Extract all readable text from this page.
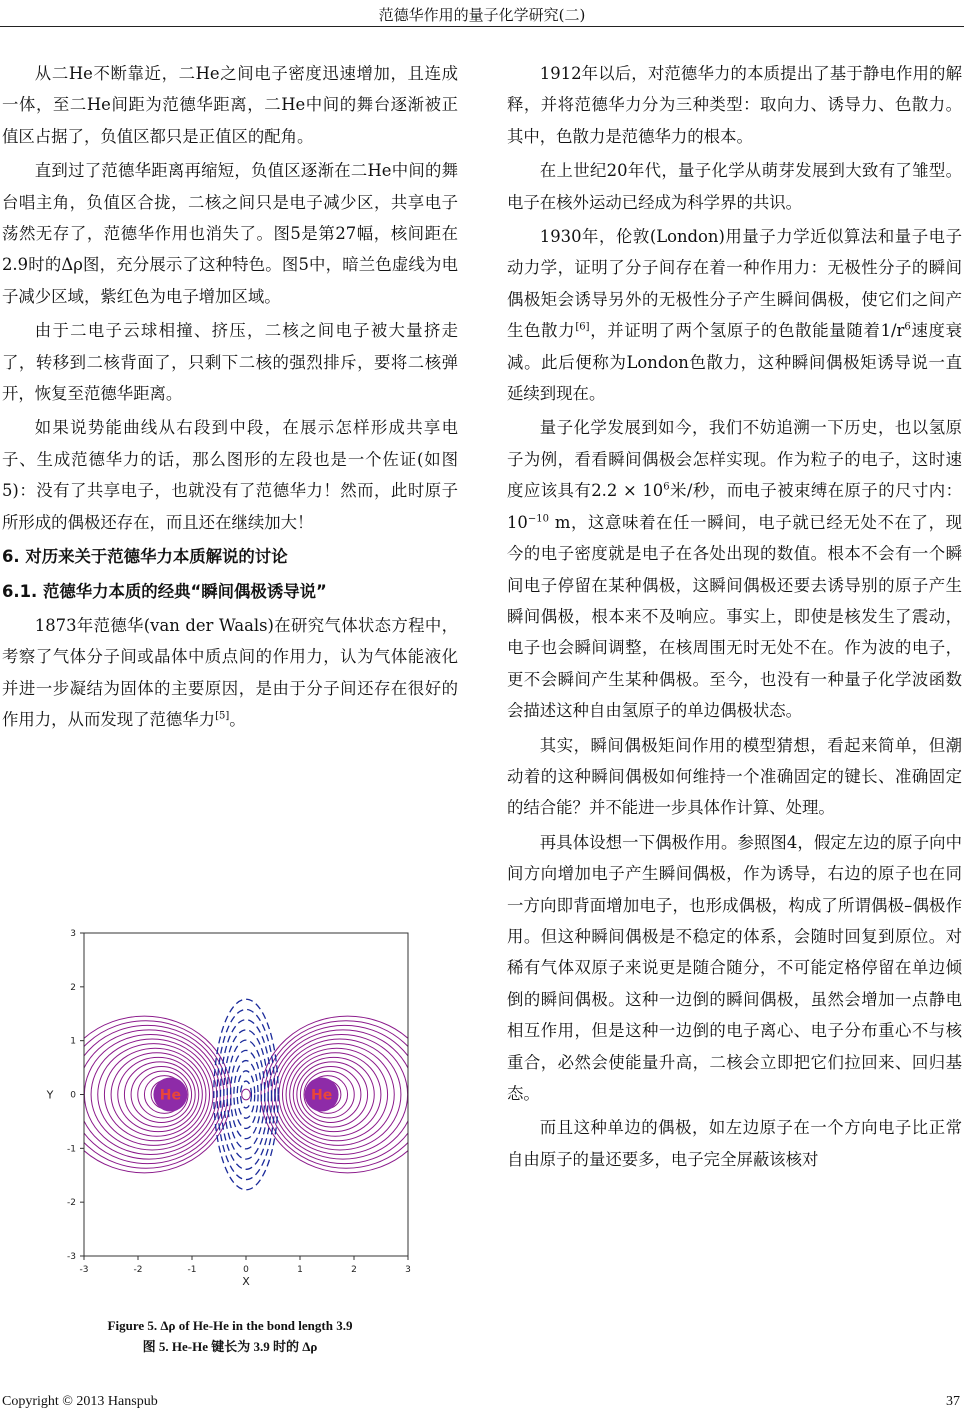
范德华作用的量子化学研究(二)

从二He不断靠近，二He之间电子密度迅速增加，且连成一体，至二He间距为范德华距离，二He中间的舞台逐渐被正值区占据了，负值区都只是正值区的配角。

直到过了范德华距离再缩短，负值区逐渐在二He中间的舞台唱主角，负值区合拢，二核之间只是电子减少区，共享电子荡然无存了，范德华作用也消失了。图5是第27幅，核间距在2.9时的Δρ图，充分展示了这种特色。图5中，暗兰色虚线为电子减少区域，紫红色为电子增加区域。

由于二电子云球相撞、挤压，二核之间电子被大量挤走了，转移到二核背面了，只剩下二核的强烈排斥，要将二核弹开，恢复至范德华距离。

如果说势能曲线从右段到中段，在展示怎样形成共享电子、生成范德华力的话，那么图形的左段也是一个佐证(如图5)：没有了共享电子，也就没有了范德华力！然而，此时原子所形成的偶极还存在，而且还在继续加大！

6. 对历来关于范德华力本质解说的讨论

6.1. 范德华力本质的经典“瞬间偶极诱导说”

1873年范德华(van der Waals)在研究气体状态方程中，考察了气体分子间或晶体中质点间的作用力，认为气体能液化并进一步凝结为固体的主要原因，是由于分子间还存在很好的作用力，从而发现了范德华力[5]。

1912年以后，对范德华力的本质提出了基于静电作用的解释，并将范德华力分为三种类型：取向力、诱导力、色散力。其中，色散力是范德华力的根本。

在上世纪20年代，量子化学从萌芽发展到大致有了雏型。电子在核外运动已经成为科学界的共识。

1930年，伦敦(London)用量子力学近似算法和量子电子动力学，证明了分子间存在着一种作用力：无极性分子的瞬间偶极矩会诱导另外的无极性分子产生瞬间偶极，使它们之间产生色散力[6]，并证明了两个氢原子的色散能量随着$1/r^6$速度衰减。此后便称为London色散力，这种瞬间偶极矩诱导说一直延续到现在。

量子化学发展到如今，我们不妨追溯一下历史，也以氢原子为例，看看瞬间偶极会怎样实现。作为粒子的电子，这时速度应该具有$2.2 \times 10^6$米/秒，而电子被束缚在原子的尺寸内：$10^{-10}$ m，这意味着在任一瞬间，电子就已经无处不在了，现今的电子密度就是电子在各处出现的数值。根本不会有一个瞬间电子停留在某种偶极，这瞬间偶极还要去诱导别的原子产生瞬间偶极，根本来不及响应。事实上，即使是核发生了震动，电子也会瞬间调整，在核周围无时无处不在。作为波的电子，更不会瞬间产生某种偶极。至今，也没有一种量子化学波函数会描述这种自由氢原子的单边偶极状态。

其实，瞬间偶极矩间作用的模型猜想，看起来简单，但潮动着的这种瞬间偶极如何维持一个准确固定的键长、准确固定的结合能？并不能进一步具体作计算、处理。

再具体设想一下偶极作用。参照图4，假定左边的原子向中间方向增加电子产生瞬间偶极，作为诱导，右边的原子也在同一方向即背面增加电子，也形成偶极，构成了所谓偶极–偶极作用。但这种瞬间偶极是不稳定的体系，会随时回复到原位。对稀有气体双原子来说更是随合随分，不可能定格停留在单边倾倒的瞬间偶极。这种一边倒的瞬间偶极，虽然会增加一点静电相互作用，但是这种一边倒的电子离心、电子分布重心不与核重合，必然会使能量升高，二核会立即把它们拉回来、回归基态。

而且这种单边的偶极，如左边原子在一个方向电子比正常自由原子的量还要多，电子完全屏蔽该核对

He	He
-3	-2	-1	0	1	2	3
3
2
1
0
-1
-2
-3
X
Y
Figure 5. Δρ of He-He in the bond length 3.9
图 5. He-He 键长为 3.9 时的 Δρ
Copyright © 2013 Hanspub	37
